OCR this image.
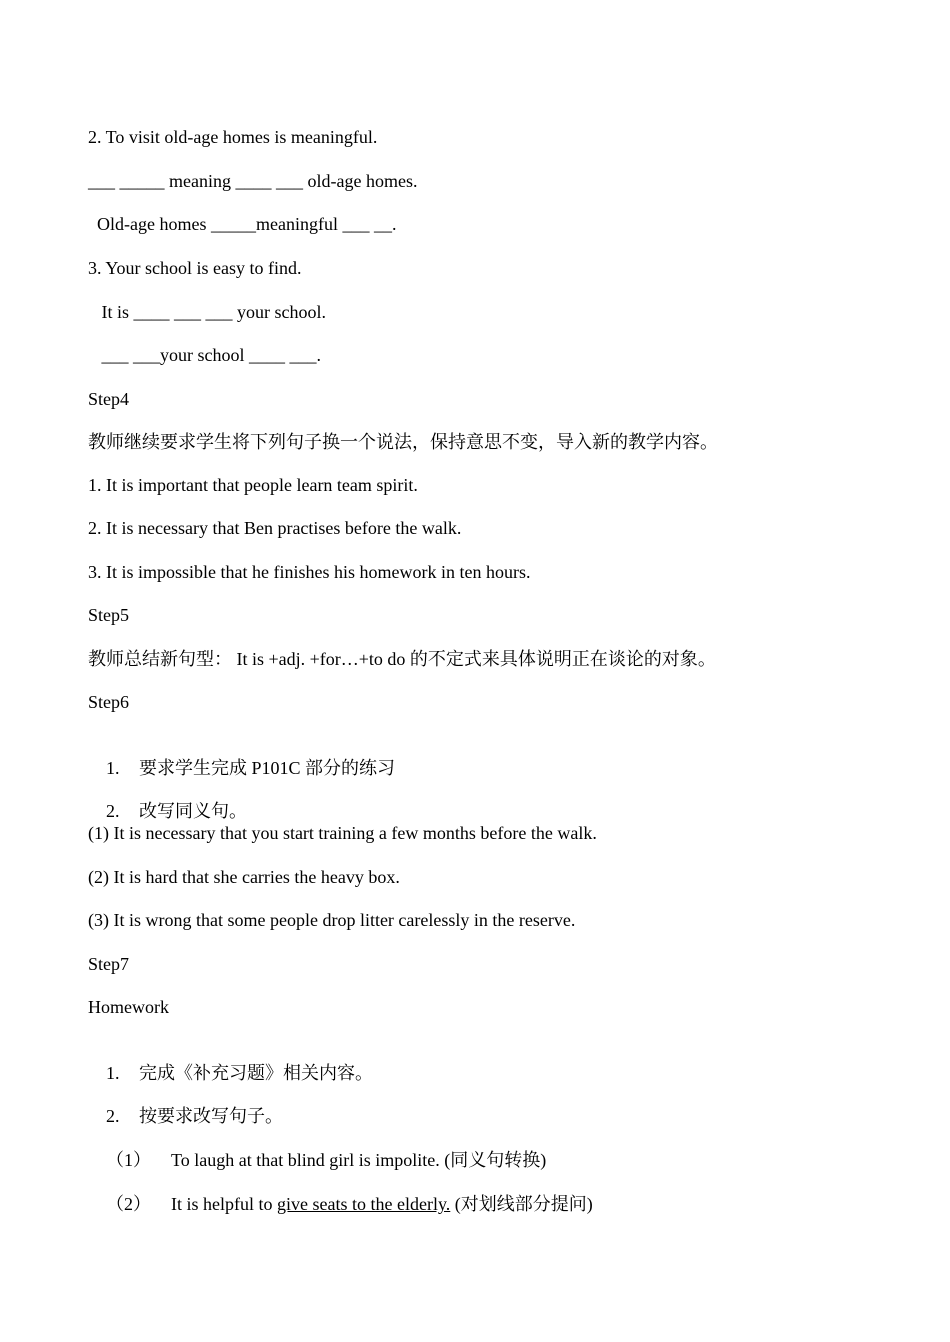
2. To visit old-age homes is meaningful.
___ _____ meaning ____ ___ old-age homes.
Old-age homes _____meaningful ___ __.
3. Your school is easy to find.
It is ____ ___ ___ your school.
___ ___your school ____ ___.
Step4
教师继续要求学生将下列句子换一个说法，保持意思不变，导入新的教学内容。
1. It is important that people learn team spirit.
2. It is necessary that Ben practises before the walk.
3. It is impossible that he finishes his homework in ten hours.
Step5
教师总结新句型： It is +adj. +for…+to do 的不定式来具体说明正在谈论的对象。
Step6

1. 要求学生完成 P101C 部分的练习

2. 改写同义句。

(1) It is necessary that you start training a few months before the walk.
(2) It is hard that she carries the heavy box.
(3) It is wrong that some people drop litter carelessly in the reserve.
Step7
Homework

1. 完成《补充习题》相关内容。

2. 按要求改写句子。

（1） To laugh at that blind girl is impolite. (同义句转换)

（2） It is helpful to give seats to the elderly. (对划线部分提问)
